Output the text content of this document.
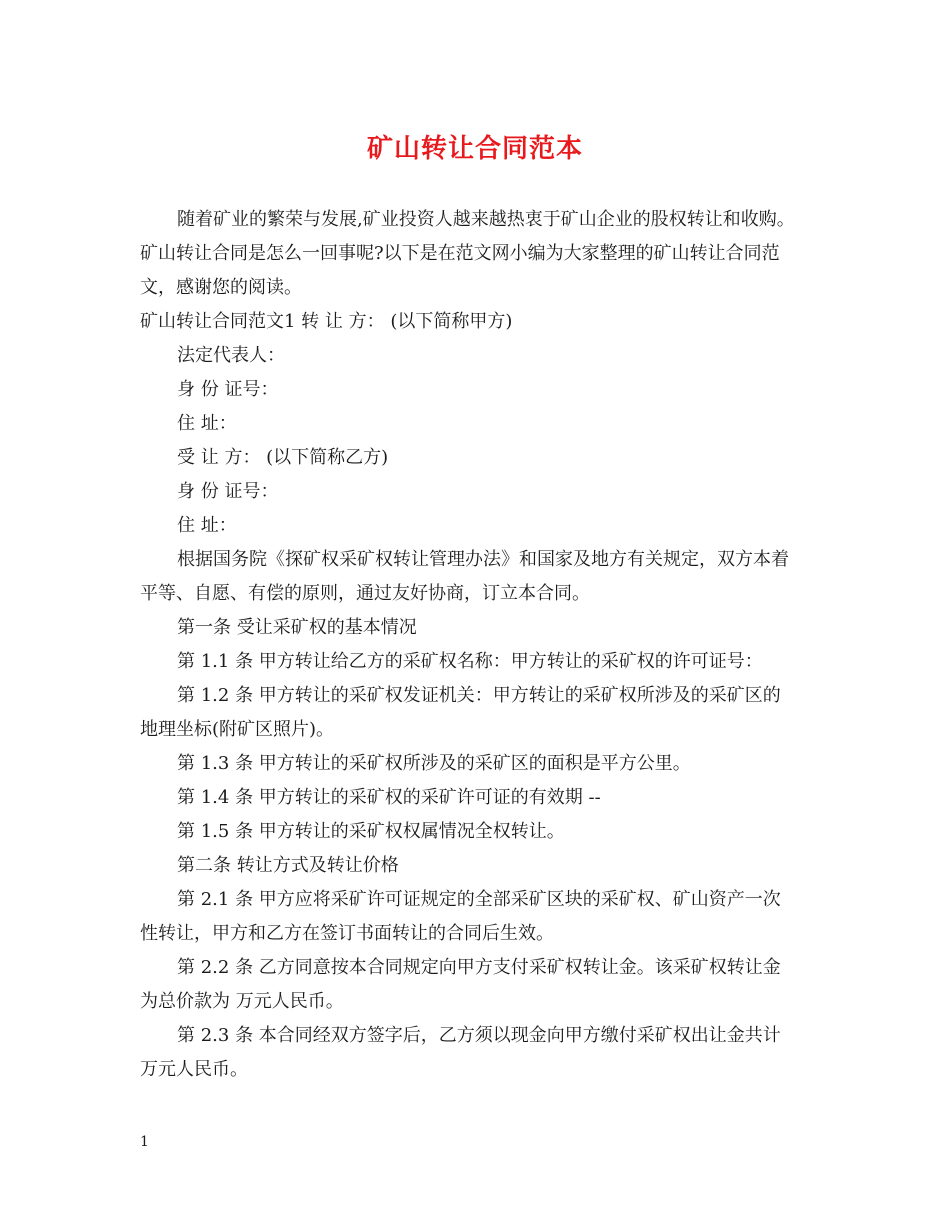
矿山转让合同范本

随着矿业的繁荣与发展,矿业投资人越来越热衷于矿山企业的股权转让和收购。

矿山转让合同是怎么一回事呢?以下是在范文网小编为大家整理的矿山转让合同范

文，感谢您的阅读。

矿山转让合同范文1 转 让 方： (以下简称甲方)

法定代表人：

身 份 证号：

住 址：

受 让 方： (以下简称乙方)

身 份 证号：

住 址：

根据国务院《探矿权采矿权转让管理办法》和国家及地方有关规定，双方本着

平等、自愿、有偿的原则，通过友好协商，订立本合同。

第一条 受让采矿权的基本情况

第 1.1 条 甲方转让给乙方的采矿权名称：甲方转让的采矿权的许可证号：

第 1.2 条 甲方转让的采矿权发证机关：甲方转让的采矿权所涉及的采矿区的

地理坐标(附矿区照片)。

第 1.3 条 甲方转让的采矿权所涉及的采矿区的面积是平方公里。

第 1.4 条 甲方转让的采矿权的采矿许可证的有效期 --

第 1.5 条 甲方转让的采矿权权属情况全权转让。

第二条 转让方式及转让价格

第 2.1 条 甲方应将采矿许可证规定的全部采矿区块的采矿权、矿山资产一次

性转让，甲方和乙方在签订书面转让的合同后生效。

第 2.2 条 乙方同意按本合同规定向甲方支付采矿权转让金。该采矿权转让金

为总价款为 万元人民币。

第 2.3 条 本合同经双方签字后，乙方须以现金向甲方缴付采矿权出让金共计

万元人民币。

1
